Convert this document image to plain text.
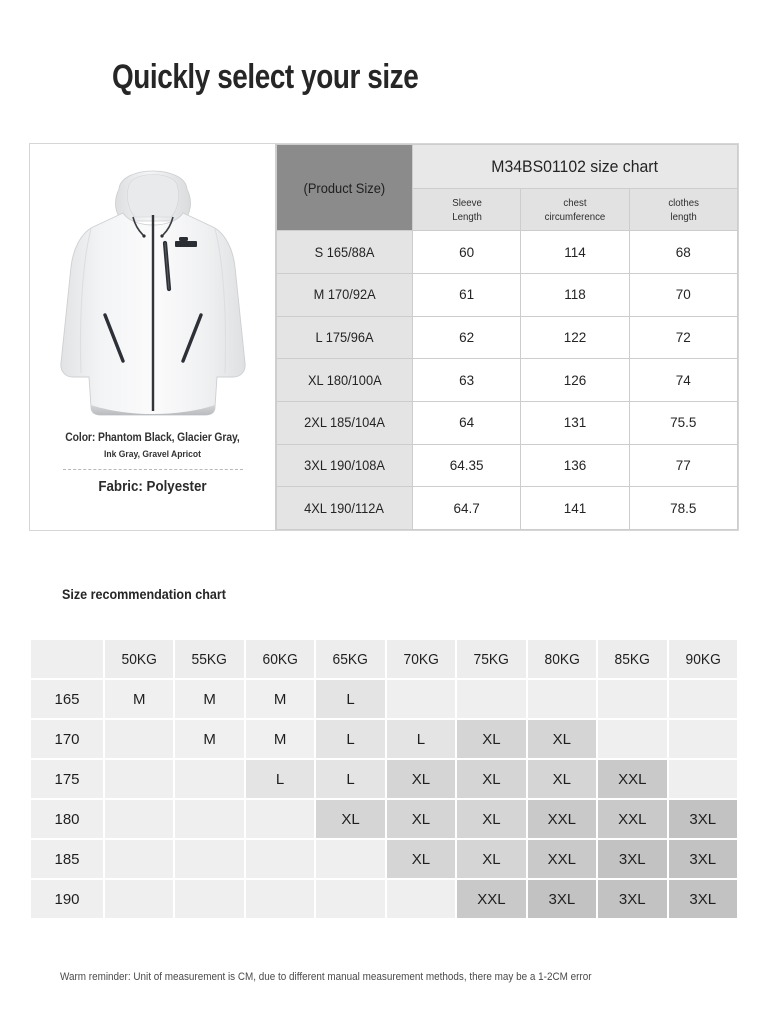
Quickly select your size
Color: Phantom Black, Glacier Gray,
Ink Gray, Gravel Apricot
Fabric: Polyester
(Product Size)	M34BS01102 size chart		

Sleeve
Length

chest
circumference

clothes
length

S 165/88A	60	114	68
M 170/92A	61	118	70
L 175/96A	62	122	72
XL 180/100A	63	126	74
2XL 185/104A	64	131	75.5
3XL 190/108A	64.35	136	77
4XL 190/112A	64.7	141	78.5
Size recommendation chart
	50KG	55KG	60KG	65KG	70KG	75KG	80KG	85KG	90KG
165	M	M	M	L					
170		M	M	L	L	XL	XL		
175			L	L	XL	XL	XL	XXL	
180				XL	XL	XL	XXL	XXL	3XL
185					XL	XL	XXL	3XL	3XL
190						XXL	3XL	3XL	3XL
Warm reminder: Unit of measurement is CM, due to different manual measurement methods, there may be a 1-2CM error
